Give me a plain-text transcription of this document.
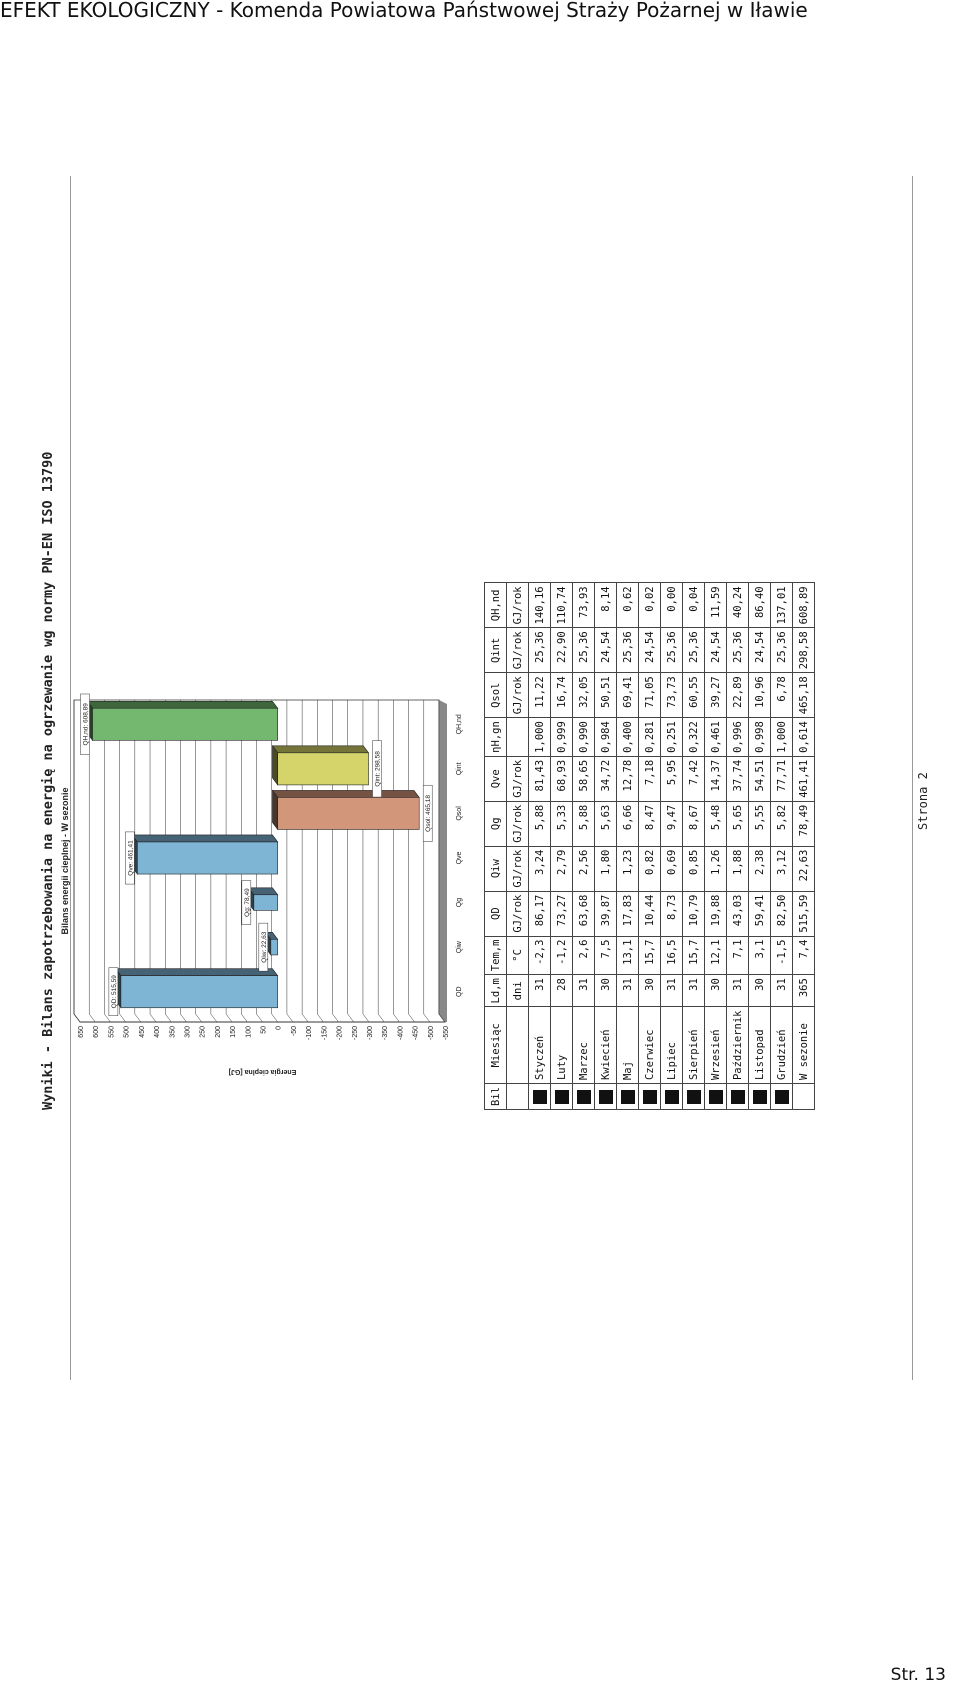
EFEKT EKOLOGICZNY - Komenda Powiatowa Państwowej Straży Pożarnej w Iławie
Wyniki - Bilans zapotrzebowania na energię na ogrzewanie wg normy PN-EN ISO 13790 Bilans energii cieplnej - W sezonie
650 600 550 500 450 400 350 300 250 200 150 100 50 0 -50 -100 -150 -200 -250 -300 -350 -400 -450 -500 -550
Energia cieplna [GJ]
QD: 515,59	QD
Qiw: 22,63	Qiw
Qg: 78,49	Qg
Qve: 461,41	Qve
Qsol: 465,18	Qsol
Qint: 298,58	Qint
QH,nd: 608,89	QH,nd
Bil	Miesiąc	Ld,m	Tem,m	QD	Qiw	Qg	Qve	ηH,gn	Qsol	Qint	QH,nd
		dni	°C	GJ/rok	GJ/rok	GJ/rok	GJ/rok		GJ/rok	GJ/rok	GJ/rok
	Styczeń	31	-2,3	86,17	3,24	5,88	81,43	1,000	11,22	25,36	140,16
	Luty	28	-1,2	73,27	2,79	5,33	68,93	0,999	16,74	22,90	110,74
	Marzec	31	2,6	63,68	2,56	5,88	58,65	0,990	32,05	25,36	73,93
	Kwiecień	30	7,5	39,87	1,80	5,63	34,72	0,984	50,51	24,54	8,14
	Maj	31	13,1	17,83	1,23	6,66	12,78	0,400	69,41	25,36	0,62
	Czerwiec	30	15,7	10,44	0,82	8,47	7,18	0,281	71,05	24,54	0,02
	Lipiec	31	16,5	8,73	0,69	9,47	5,95	0,251	73,73	25,36	0,00
	Sierpień	31	15,7	10,79	0,85	8,67	7,42	0,322	60,55	25,36	0,04
	Wrzesień	30	12,1	19,88	1,26	5,48	14,37	0,461	39,27	24,54	11,59
	Październik	31	7,1	43,03	1,88	5,65	37,74	0,996	22,89	25,36	40,24
	Listopad	30	3,1	59,41	2,38	5,55	54,51	0,998	10,96	24,54	86,40
	Grudzień	31	-1,5	82,50	3,12	5,82	77,71	1,000	6,78	25,36	137,01
	W sezonie	365	7,4	515,59	22,63	78,49	461,41	0,614	465,18	298,58	608,89
Strona 2
Str. 13
